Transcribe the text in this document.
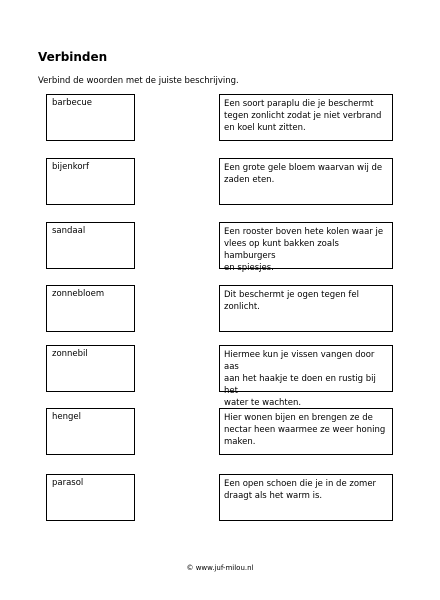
Verbinden
Verbind de woorden met de juiste beschrijving.
barbecue	Een soort paraplu die je beschermt
tegen zonlicht zodat je niet verbrand
en koel kunt zitten.
bijenkorf	Een grote gele bloem waarvan wij de
zaden eten.
sandaal	Een rooster boven hete kolen waar je
vlees op kunt bakken zoals hamburgers
en spiesjes.
zonnebloem	Dit beschermt je ogen tegen fel
zonlicht.
zonnebil	Hiermee kun je vissen vangen door aas
aan het haakje te doen en rustig bij het
water te wachten.
hengel	Hier wonen bijen en brengen ze de
nectar heen waarmee ze weer honing
maken.
parasol	Een open schoen die je in de zomer
draagt als het warm is.
© www.juf-milou.nl
